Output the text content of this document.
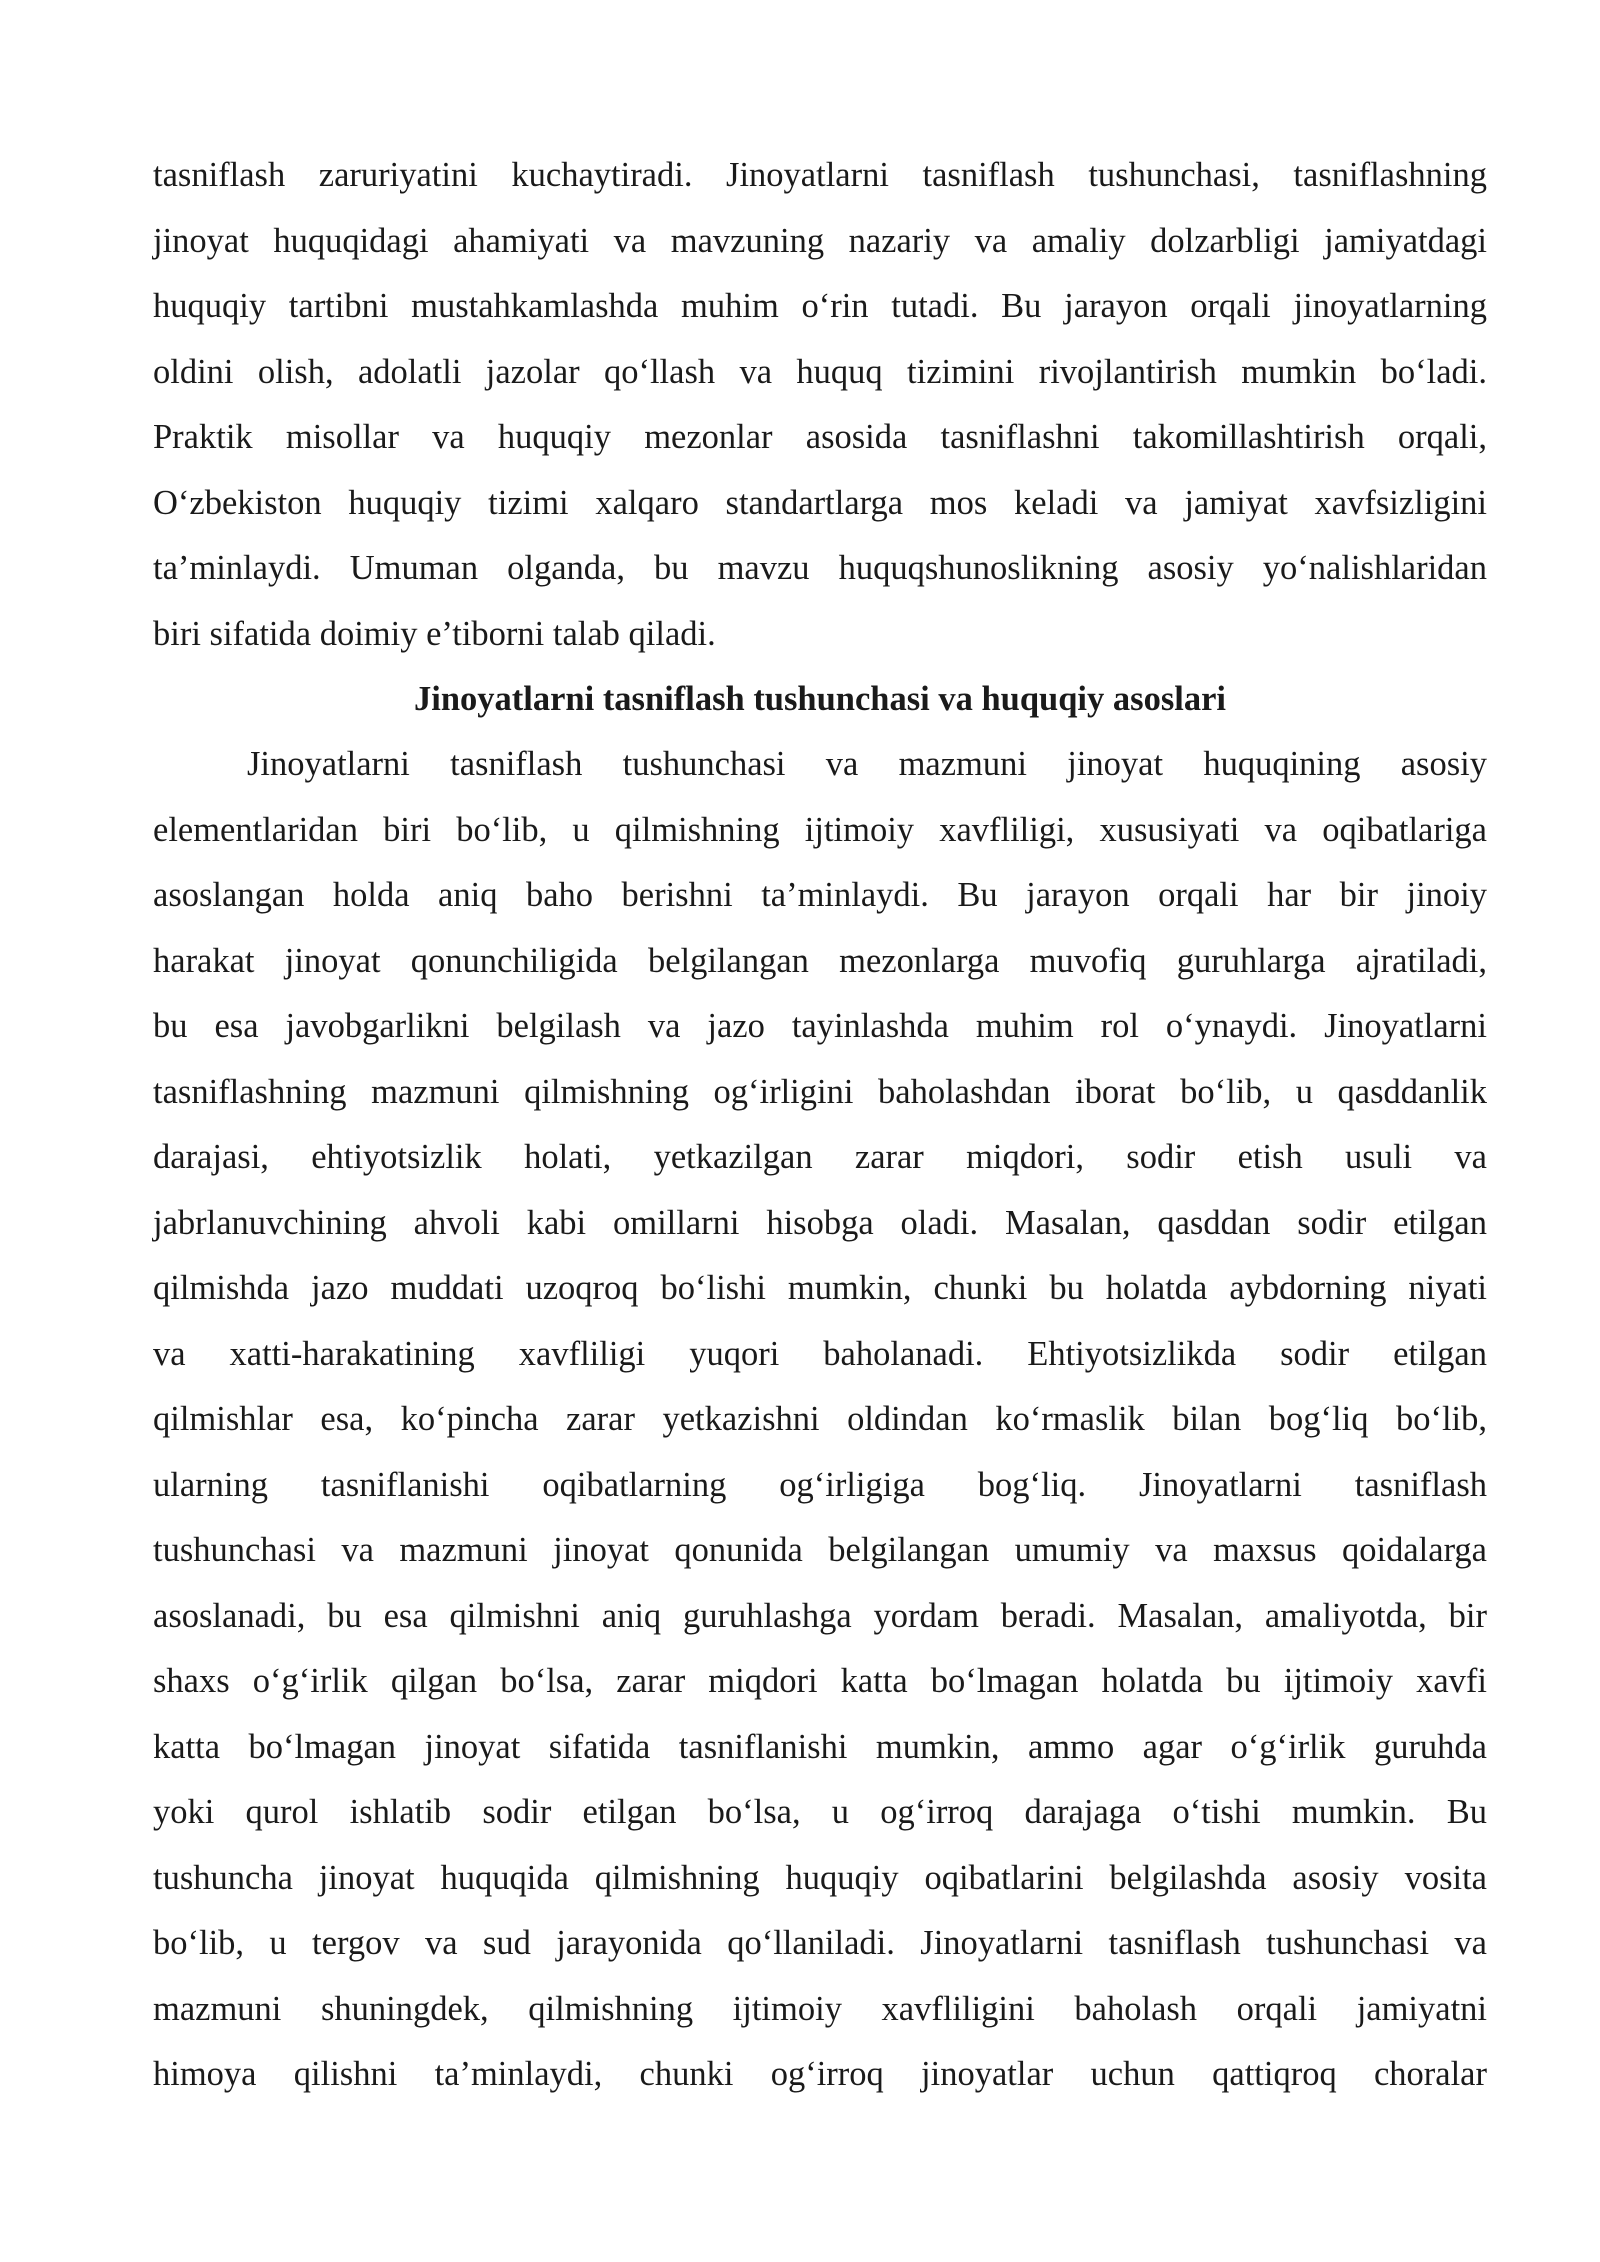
tasniflash zaruriyatini kuchaytiradi. Jinoyatlarni tasniflash tushunchasi, tasniflashning
jinoyat huquqidagi ahamiyati va mavzuning nazariy va amaliy dolzarbligi jamiyatdagi
huquqiy tartibni mustahkamlashda muhim o‘rin tutadi. Bu jarayon orqali jinoyatlarning
oldini olish, adolatli jazolar qo‘llash va huquq tizimini rivojlantirish mumkin bo‘ladi.
Praktik misollar va huquqiy mezonlar asosida tasniflashni takomillashtirish orqali,
O‘zbekiston huquqiy tizimi xalqaro standartlarga mos keladi va jamiyat xavfsizligini
ta’minlaydi. Umuman olganda, bu mavzu huquqshunoslikning asosiy yo‘nalishlaridan
biri sifatida doimiy e’tiborni talab qiladi.
Jinoyatlarni tasniflash tushunchasi va huquqiy asoslari
Jinoyatlarni tasniflash tushunchasi va mazmuni jinoyat huquqining asosiy
elementlaridan biri bo‘lib, u qilmishning ijtimoiy xavfliligi, xususiyati va oqibatlariga
asoslangan holda aniq baho berishni ta’minlaydi. Bu jarayon orqali har bir jinoiy
harakat jinoyat qonunchiligida belgilangan mezonlarga muvofiq guruhlarga ajratiladi,
bu esa javobgarlikni belgilash va jazo tayinlashda muhim rol o‘ynaydi. Jinoyatlarni
tasniflashning mazmuni qilmishning og‘irligini baholashdan iborat bo‘lib, u qasddanlik
darajasi, ehtiyotsizlik holati, yetkazilgan zarar miqdori, sodir etish usuli va
jabrlanuvchining ahvoli kabi omillarni hisobga oladi. Masalan, qasddan sodir etilgan
qilmishda jazo muddati uzoqroq bo‘lishi mumkin, chunki bu holatda aybdorning niyati
va xatti-harakatining xavfliligi yuqori baholanadi. Ehtiyotsizlikda sodir etilgan
qilmishlar esa, ko‘pincha zarar yetkazishni oldindan ko‘rmaslik bilan bog‘liq bo‘lib,
ularning tasniflanishi oqibatlarning og‘irligiga bog‘liq. Jinoyatlarni tasniflash
tushunchasi va mazmuni jinoyat qonunida belgilangan umumiy va maxsus qoidalarga
asoslanadi, bu esa qilmishni aniq guruhlashga yordam beradi. Masalan, amaliyotda, bir
shaxs o‘g‘irlik qilgan bo‘lsa, zarar miqdori katta bo‘lmagan holatda bu ijtimoiy xavfi
katta bo‘lmagan jinoyat sifatida tasniflanishi mumkin, ammo agar o‘g‘irlik guruhda
yoki qurol ishlatib sodir etilgan bo‘lsa, u og‘irroq darajaga o‘tishi mumkin. Bu
tushuncha jinoyat huquqida qilmishning huquqiy oqibatlarini belgilashda asosiy vosita
bo‘lib, u tergov va sud jarayonida qo‘llaniladi. Jinoyatlarni tasniflash tushunchasi va
mazmuni shuningdek, qilmishning ijtimoiy xavfliligini baholash orqali jamiyatni
himoya qilishni ta’minlaydi, chunki og‘irroq jinoyatlar uchun qattiqroq choralar
